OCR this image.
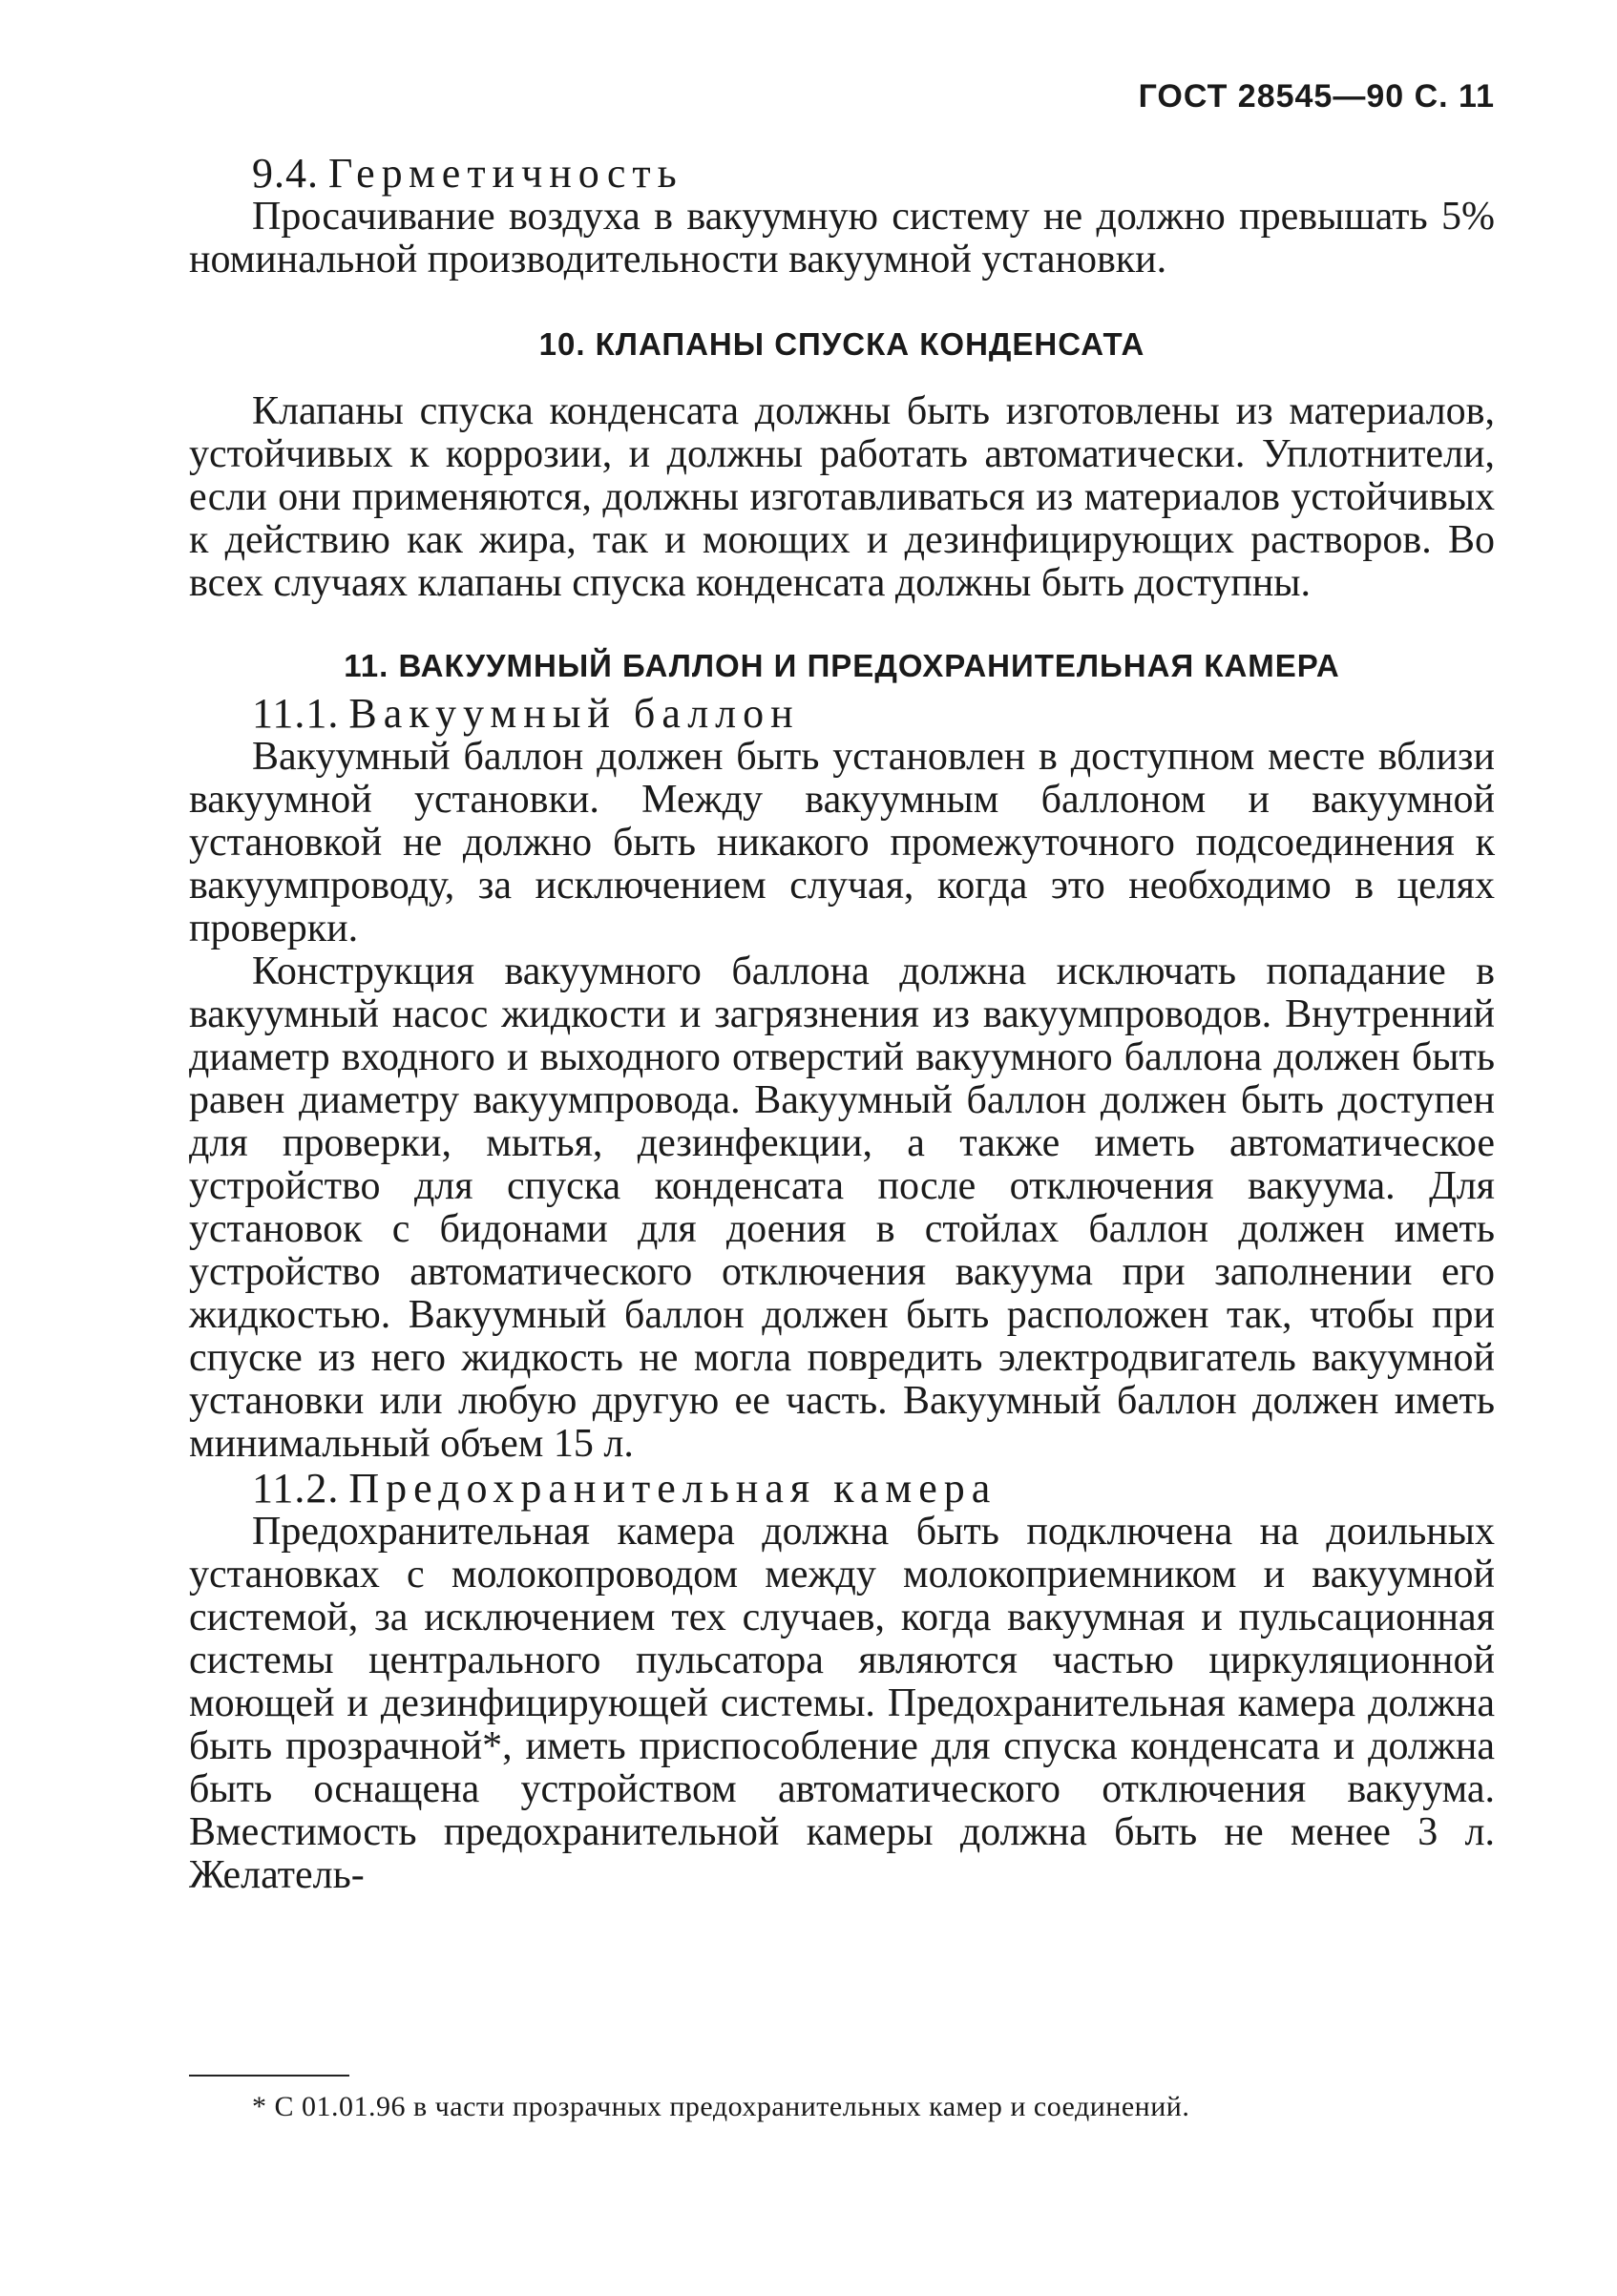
ГОСТ 28545—90 С. 11

9.4. Герметичность

Просачивание воздуха в вакуумную систему не должно превышать 5% номинальной производительности вакуумной установки.

10. КЛАПАНЫ СПУСКА КОНДЕНСАТА

Клапаны спуска конденсата должны быть изготовлены из материалов, устойчивых к коррозии, и должны работать автоматически. Уплотнители, если они применяются, должны изготавливаться из материалов устойчивых к действию как жира, так и моющих и дезинфицирующих растворов. Во всех случаях клапаны спуска конденсата должны быть доступны.

11. ВАКУУМНЫЙ БАЛЛОН И ПРЕДОХРАНИТЕЛЬНАЯ КАМЕРА

11.1. Вакуумный баллон

Вакуумный баллон должен быть установлен в доступном месте вблизи вакуумной установки. Между вакуумным баллоном и вакуумной установкой не должно быть никакого промежуточного подсоединения к вакуумпроводу, за исключением случая, когда это необходимо в целях проверки.

Конструкция вакуумного баллона должна исключать попадание в вакуумный насос жидкости и загрязнения из вакуумпроводов. Внутренний диаметр входного и выходного отверстий вакуумного баллона должен быть равен диаметру вакуумпровода. Вакуумный баллон должен быть доступен для проверки, мытья, дезинфекции, а также иметь автоматическое устройство для спуска конденсата после отключения вакуума. Для установок с бидонами для доения в стойлах баллон должен иметь устройство автоматического отключения вакуума при заполнении его жидкостью. Вакуумный баллон должен быть расположен так, чтобы при спуске из него жидкость не могла повредить электродвигатель вакуумной установки или любую другую ее часть. Вакуумный баллон должен иметь минимальный объем 15 л.

11.2. Предохранительная камера

Предохранительная камера должна быть подключена на доильных установках с молокопроводом между молокоприемником и вакуумной системой, за исключением тех случаев, когда вакуумная и пульсационная системы центрального пульсатора являются частью циркуляционной моющей и дезинфицирующей системы. Предохранительная камера должна быть прозрачной*, иметь приспособление для спуска конденсата и должна быть оснащена устройством автоматического отключения вакуума. Вместимость предохранительной камеры должна быть не менее 3 л. Желатель-

* С 01.01.96 в части прозрачных предохранительных камер и соединений.
